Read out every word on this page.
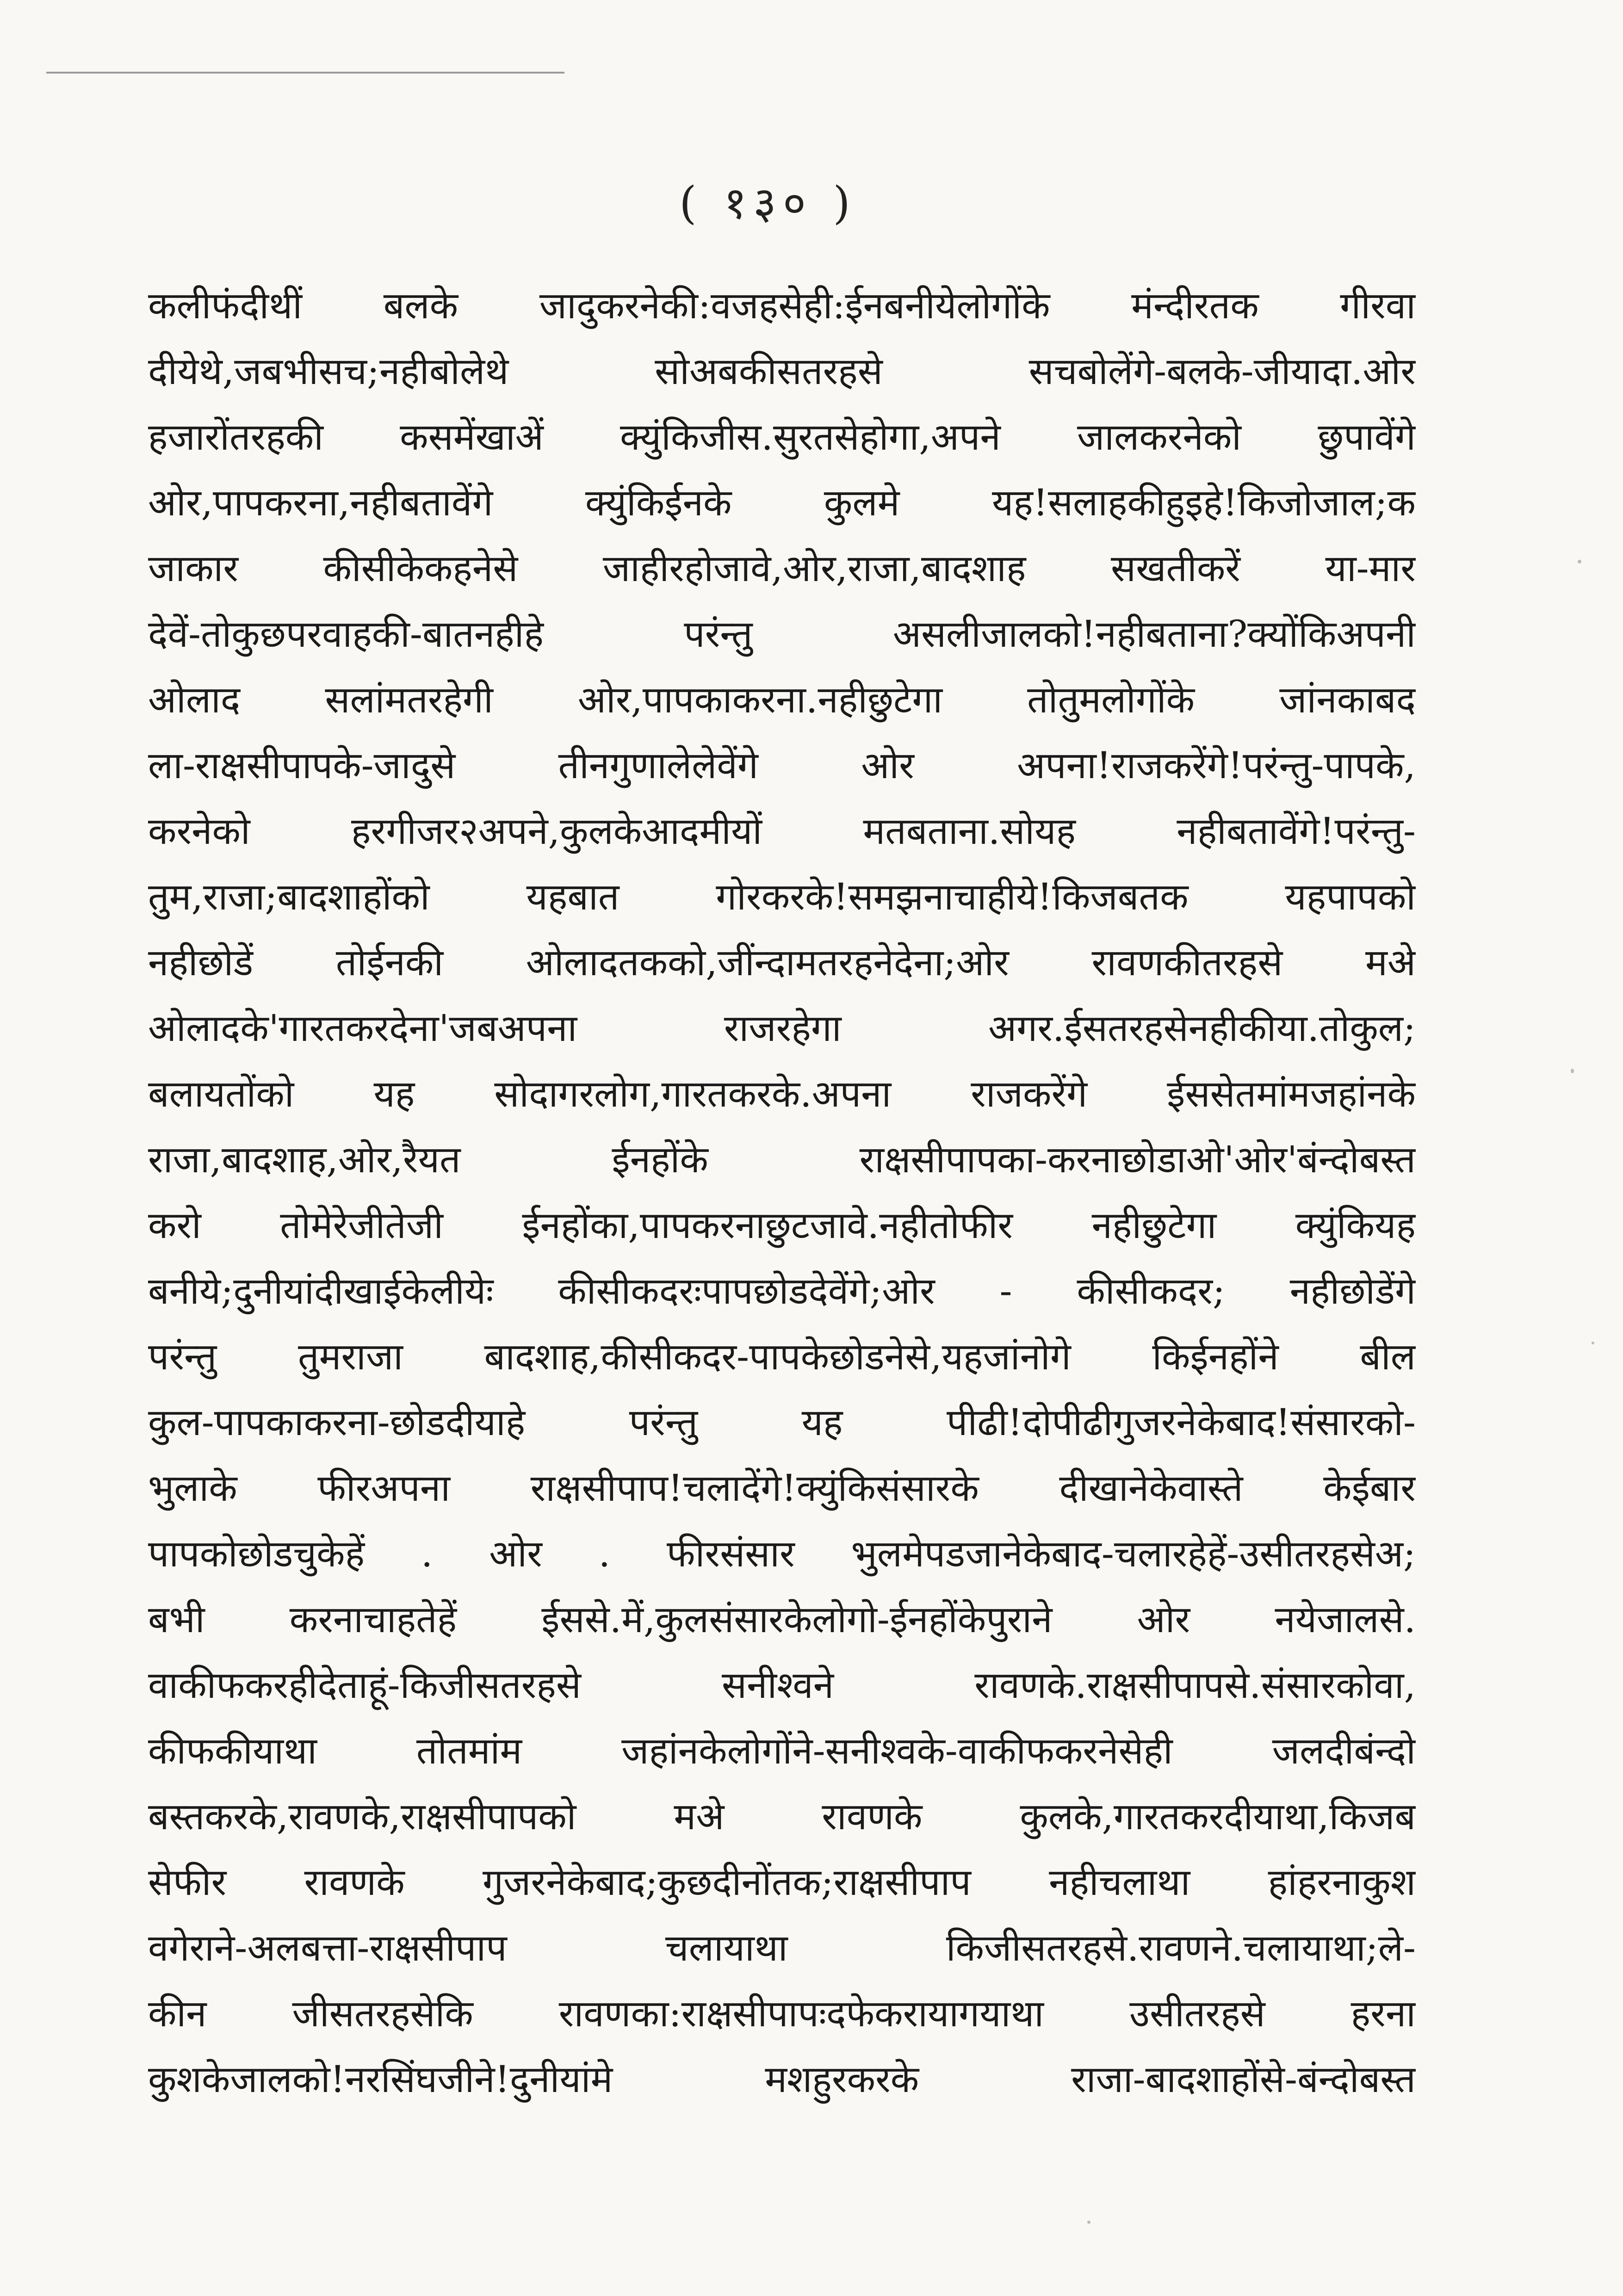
( १३० )
कलीफंदीथीं बलके जादुकरनेकी:वजहसेही:ईनबनीयेलोगोंके मंन्दीरतक गीरवा
दीयेथे,जबभीसच;नहीबोलेथे सोअबकीसतरहसे सचबोलेंगे-बलके-जीयादा.ओर
हजारोंतरहकी कसमेंखाअें क्युंकिजीस.सुरतसेहोगा,अपने जालकरनेको छुपावेंगे
ओर,पापकरना,नहीबतावेंगे क्युंकिईनके कुलमे यह!सलाहकीहुइहे!किजोजाल;क
जाकार कीसीकेकहनेसे जाहीरहोजावे,ओर,राजा,बादशाह सखतीकरें या-मार
देवें-तोकुछपरवाहकी-बातनहीहे परंन्तु असलीजालको!नहीबताना?क्योंकिअपनी
ओलाद सलांमतरहेगी ओर,पापकाकरना.नहीछुटेगा तोतुमलोगोंके जांनकाबद
ला-राक्षसीपापके-जादुसे तीनगुणालेलेवेंगे ओर अपना!राजकरेंगे!परंन्तु-पापके,
करनेको हरगीजर२अपने,कुलकेआदमीयों मतबताना.सोयह नहीबतावेंगे!परंन्तु-
तुम,राजा;बादशाहोंको यहबात गोरकरके!समझनाचाहीये!किजबतक यहपापको
नहीछोडें तोईनकी ओलादतकको,जींन्दामतरहनेदेना;ओर रावणकीतरहसे मअे
ओलादके'गारतकरदेना'जबअपना राजरहेगा अगर.ईसतरहसेनहीकीया.तोकुल;
बलायतोंको यह सोदागरलोग,गारतकरके.अपना राजकरेंगे ईससेतमांमजहांनके
राजा,बादशाह,ओर,रैयत ईनहोंके राक्षसीपापका-करनाछोडाओ'ओर'बंन्दोबस्त
करो तोमेरेजीतेजी ईनहोंका,पापकरनाछुटजावे.नहीतोफीर नहीछुटेगा क्युंकियह
बनीये;दुनीयांदीखाईकेलीयेः कीसीकदरःपापछोडदेवेंगे;ओर - कीसीकदर; नहीछोडेंगे
परंन्तु तुमराजा बादशाह,कीसीकदर-पापकेछोडनेसे,यहजांनोगे किईनहोंने बील
कुल-पापकाकरना-छोडदीयाहे परंन्तु यह पीढी!दोपीढीगुजरनेकेबाद!संसारको-
भुलाके फीरअपना राक्षसीपाप!चलादेंगे!क्युंकिसंसारके दीखानेकेवास्ते केईबार
पापकोछोडचुकेहें . ओर . फीरसंसार भुलमेपडजानेकेबाद-चलारहेहें-उसीतरहसेअ;
बभी करनाचाहतेहें ईससे.में,कुलसंसारकेलोगो-ईनहोंकेपुराने ओर नयेजालसे.
वाकीफकरहीदेताहूं-किजीसतरहसे सनीश्वने रावणके.राक्षसीपापसे.संसारकोवा,
कीफकीयाथा तोतमांम जहांनकेलोगोंने-सनीश्वके-वाकीफकरनेसेही जलदीबंन्दो
बस्तकरके,रावणके,राक्षसीपापको मअे रावणके कुलके,गारतकरदीयाथा,किजब
सेफीर रावणके गुजरनेकेबाद;कुछदीनोंतक;राक्षसीपाप नहीचलाथा हांहरनाकुश
वगेराने-अलबत्ता-राक्षसीपाप चलायाथा किजीसतरहसे.रावणने.चलायाथा;ले-
कीन जीसतरहसेकि रावणका:राक्षसीपापःदफेकरायागयाथा उसीतरहसे हरना
कुशकेजालको!नरसिंघजीने!दुनीयांमे मशहुरकरके राजा-बादशाहोंसे-बंन्दोबस्त
